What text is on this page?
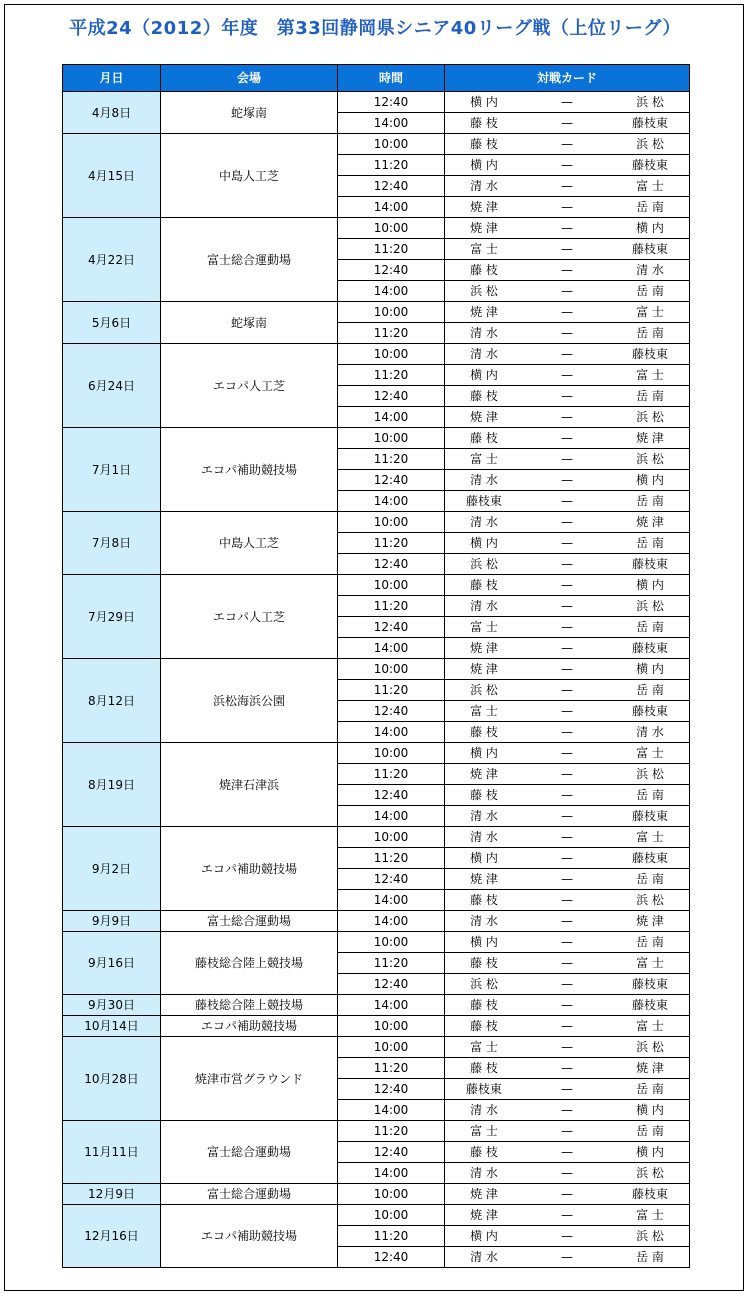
平成24（2012）年度　第33回静岡県シニア40リーグ戦（上位リーグ）
月日	会場	時間	対戦カード
4月8日	蛇塚南	12:40	横 内 — 浜 松

		14:00	藤 枝 — 藤枝東

4月15日	中島人工芝	10:00	藤 枝 — 浜 松

		11:20	横 内 — 藤枝東

		12:40	清 水 — 富 士

		14:00	焼 津 — 岳 南

4月22日	富士総合運動場	10:00	焼 津 — 横 内

		11:20	富 士 — 藤枝東

		12:40	藤 枝 — 清 水

		14:00	浜 松 — 岳 南

5月6日	蛇塚南	10:00	焼 津 — 富 士

		11:20	清 水 — 岳 南

6月24日	エコパ人工芝	10:00	清 水 — 藤枝東

		11:20	横 内 — 富 士

		12:40	藤 枝 — 岳 南

		14:00	焼 津 — 浜 松

7月1日	エコパ補助競技場	10:00	藤 枝 — 焼 津

		11:20	富 士 — 浜 松

		12:40	清 水 — 横 内

		14:00	藤枝東 — 岳 南

7月8日	中島人工芝	10:00	清 水 — 焼 津

		11:20	横 内 — 岳 南

		12:40	浜 松 — 藤枝東

7月29日	エコパ人工芝	10:00	藤 枝 — 横 内

		11:20	清 水 — 浜 松

		12:40	富 士 — 岳 南

		14:00	焼 津 — 藤枝東

8月12日	浜松海浜公園	10:00	焼 津 — 横 内

		11:20	浜 松 — 岳 南

		12:40	富 士 — 藤枝東

		14:00	藤 枝 — 清 水

8月19日	焼津石津浜	10:00	横 内 — 富 士

		11:20	焼 津 — 浜 松

		12:40	藤 枝 — 岳 南

		14:00	清 水 — 藤枝東

9月2日	エコパ補助競技場	10:00	清 水 — 富 士

		11:20	横 内 — 藤枝東

		12:40	焼 津 — 岳 南

		14:00	藤 枝 — 浜 松

9月9日	富士総合運動場	14:00	清 水 — 焼 津

9月16日	藤枝総合陸上競技場	10:00	横 内 — 岳 南

		11:20	藤 枝 — 富 士

		12:40	浜 松 — 藤枝東

9月30日	藤枝総合陸上競技場	14:00	藤 枝 — 藤枝東

10月14日	エコパ補助競技場	10:00	藤 枝 — 富 士

10月28日	焼津市営グラウンド	10:00	富 士 — 浜 松

		11:20	藤 枝 — 焼 津

		12:40	藤枝東 — 岳 南

		14:00	清 水 — 横 内

11月11日	富士総合運動場	11:20	富 士 — 岳 南

		12:40	藤 枝 — 横 内

		14:00	清 水 — 浜 松

12月9日	富士総合運動場	10:00	焼 津 — 藤枝東

12月16日	エコパ補助競技場	10:00	焼 津 — 富 士

		11:20	横 内 — 浜 松

		12:40	清 水 — 岳 南
